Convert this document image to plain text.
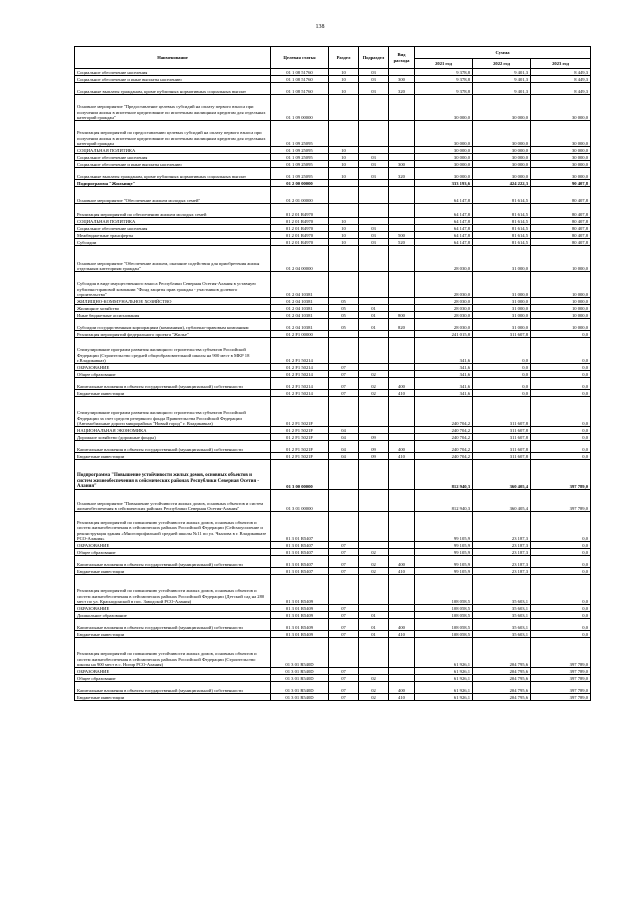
138
Наименование	Целевая статья	Раздел	Подраздел	Вид расхода	Сумма		
					2021 год	2022 год	2023 год
Социальное обеспечение населения	01 1 08 51760	10	03		9 378,8	9 401,3	8 449,3
Социальное обеспечение и иные выплаты населению	01 1 08 51760	10	03	300	9 378,8	9 401,3	8 449,3
Социальные выплаты гражданам, кроме публичных нормативных социальных выплат	01 1 08 51760	10	03	320	9 378,8	9 401,3	8 449,3
Основное мероприятие "Предоставление целевых субсидий на оплату первого взноса при получении жилья в ипотечное кредитование по ипотечным жилищным кредитам для отдельных категорий граждан"	01 1 09 00000				30 000,0	30 000,0	30 000,0
Реализация мероприятий по предоставлению целевых субсидий на оплату первого взноса при получении жилья в ипотечное кредитование по ипотечным жилищным кредитам для отдельных категорий граждан	01 1 09 25095				30 000,0	30 000,0	30 000,0
СОЦИАЛЬНАЯ ПОЛИТИКА	01 1 09 25095	10			30 000,0	30 000,0	30 000,0
Социальное обеспечение населения	01 1 09 25095	10	03		30 000,0	30 000,0	30 000,0
Социальное обеспечение и иные выплаты населению	01 1 09 25095	10	03	300	30 000,0	30 000,0	30 000,0
Социальные выплаты гражданам, кроме публичных нормативных социальных выплат	01 1 09 25095	10	03	320	30 000,0	30 000,0	30 000,0
Подпрограмма "Жильище"	01 2 00 00000				333 193,6	424 222,3	90 407,8
Основное мероприятие "Обеспечение жильем молодых семей"	01 2 01 00000				64 147,8	81 614,5	80 407,8
Реализация мероприятий по обеспечению жильем молодых семей	01 2 01 R4970				64 147,8	81 614,5	80 407,8
СОЦИАЛЬНАЯ ПОЛИТИКА	01 2 01 R4970	10			64 147,8	81 614,5	80 407,8
Социальное обеспечение населения	01 2 01 R4970	10	03		64 147,8	81 614,5	80 407,8
Межбюджетные трансферты	01 2 01 R4970	10	03	500	64 147,8	81 614,5	80 407,8
Субсидии	01 2 01 R4970	10	03	520	64 147,8	81 614,5	80 407,8
Основное мероприятие "Обеспечение жильем, оказание содействия для приобретения жилья отдельным категориям граждан"	01 2 04 00000				28 030,0	31 000,0	10 000,0
Субсидия в виде имущественного взноса Республики Северная Осетия-Алания в уставную публично-правовой компании "Фонд защиты прав граждан - участников долевого строительства"	01 2 04 10381				28 030,0	31 000,0	10 000,0
ЖИЛИЩНО-КОММУНАЛЬНОЕ ХОЗЯЙСТВО	01 2 04 10381	05			28 030,0	31 000,0	10 000,0
Жилищное хозяйство	01 2 04 10381	05	01		28 030,0	31 000,0	10 000,0
Иные бюджетные ассигнования	01 2 04 10381	05	01	800	28 030,0	31 000,0	10 000,0
Субсидии государственным корпорациям (компаниям), публично-правовым компаниям	01 2 04 10381	05	01	820	28 030,0	31 000,0	10 000,0
Реализация мероприятий федерального проекта "Жилье"	01 2 F1 00000				241 015,8	311 607,8	0,0
Стимулирование программ развития жилищного строительства субъектов Российской Федерации (Строительство средней общеобразовательной школы на 900 мест в МКР 18 г.Владикавказ)	01 2 F1 50214				341,6	0,0	0,0
ОБРАЗОВАНИЕ	01 2 F1 50214	07			341,6	0,0	0,0
Общее образование	01 2 F1 50214	07	02		341,6	0,0	0,0
Капитальные вложения в объекты государственной (муниципальной) собственности	01 2 F1 50214	07	02	400	341,6	0,0	0,0
Бюджетные инвестиции	01 2 F1 50214	07	02	410	341,6	0,0	0,0
Стимулирование программ развития жилищного строительства субъектов Российской Федерации за счет средств резервного фонда Правительства Российской Федерации (Автомобильные дороги микрорайона "Новый город" г. Владикавказ)	01 2 F1 5021F				240 704,2	311 607,8	0,0
НАЦИОНАЛЬНАЯ ЭКОНОМИКА	01 2 F1 5021F	04			240 704,2	311 607,8	0,0
Дорожное хозяйство (дорожные фонды)	01 2 F1 5021F	04	09		240 704,2	311 607,8	0,0
Капитальные вложения в объекты государственной (муниципальной) собственности	01 2 F1 5021F	04	09	400	240 704,2	311 607,8	0,0
Бюджетные инвестиции	01 2 F1 5021F	04	09	410	240 704,2	311 607,8	0,0
Подпрограмма "Повышение устойчивости жилых домов, основных объектов и систем жизнеобеспечения в сейсмических районах Республики Северная Осетия - Алания"	01 3 00 00000				812 940,3	360 405,4	397 789,0
Основное мероприятие "Повышение устойчивости жилых домов, основных объектов и систем жизнеобеспечения в сейсмических районах Республики Северная Осетия-Алания"	01 3 01 00000				812 940,3	360 405,4	397 789,0
Реализация мероприятий по повышению устойчивости жилых домов, основных объектов и систем жизнеобеспечения в сейсмических районах Российской Федерации (Сейсмоусиление и реконструкция здания «Многопрофильной средней школы №11 по ул. Чкалова в г. Владикавказе РСО-Алания»	01 3 01 R5407				99 105,9	23 187,3	0,0
ОБРАЗОВАНИЕ	01 3 01 R5407	07			99 105,9	23 187,3	0,0
Общее образование	01 3 01 R5407	07	02		99 105,9	23 187,3	0,0
Капитальные вложения в объекты государственной (муниципальной) собственности	01 3 01 R5407	07	02	400	99 105,9	23 187,3	0,0
Бюджетные инвестиции	01 3 01 R5407	07	02	410	99 105,9	23 187,3	0,0
Реализация мероприятий по повышению устойчивости жилых домов, основных объектов и систем жизнеобеспечения в сейсмических районах Российской Федерации (Детский сад на 280 мест по ул. Краснодонской в пос. Заводской РСО-Алания)	01 3 01 R5409				108 058,5	35 603,1	0,0
ОБРАЗОВАНИЕ	01 3 01 R5409	07			108 058,5	35 603,1	0,0
Дошкольное образование	01 3 01 R5409	07	01		108 058,5	35 603,1	0,0
Капитальные вложения в объекты государственной (муниципальной) собственности	01 3 01 R5409	07	01	400	108 058,5	35 603,1	0,0
Бюджетные инвестиции	01 3 01 R5409	07	01	410	108 058,5	35 603,1	0,0
Реализация мероприятий по повышению устойчивости жилых домов, основных объектов и систем жизнеобеспечения в сейсмических районах Российской Федерации (Строительство школы на 900 мест в с. Ногир РСО-Алания)	01 3 01 R540D				61 926,1	204 795,6	397 789,0
ОБРАЗОВАНИЕ	01 3 01 R540D	07			61 926,1	204 795,6	397 789,0
Общее образование	01 3 01 R540D	07	02		61 926,1	204 795,6	397 789,0
Капитальные вложения в объекты государственной (муниципальной) собственности	01 3 01 R540D	07	02	400	61 926,1	204 795,6	397 789,0
Бюджетные инвестиции	01 3 01 R540D	07	02	410	61 926,1	204 795,6	397 789,0
